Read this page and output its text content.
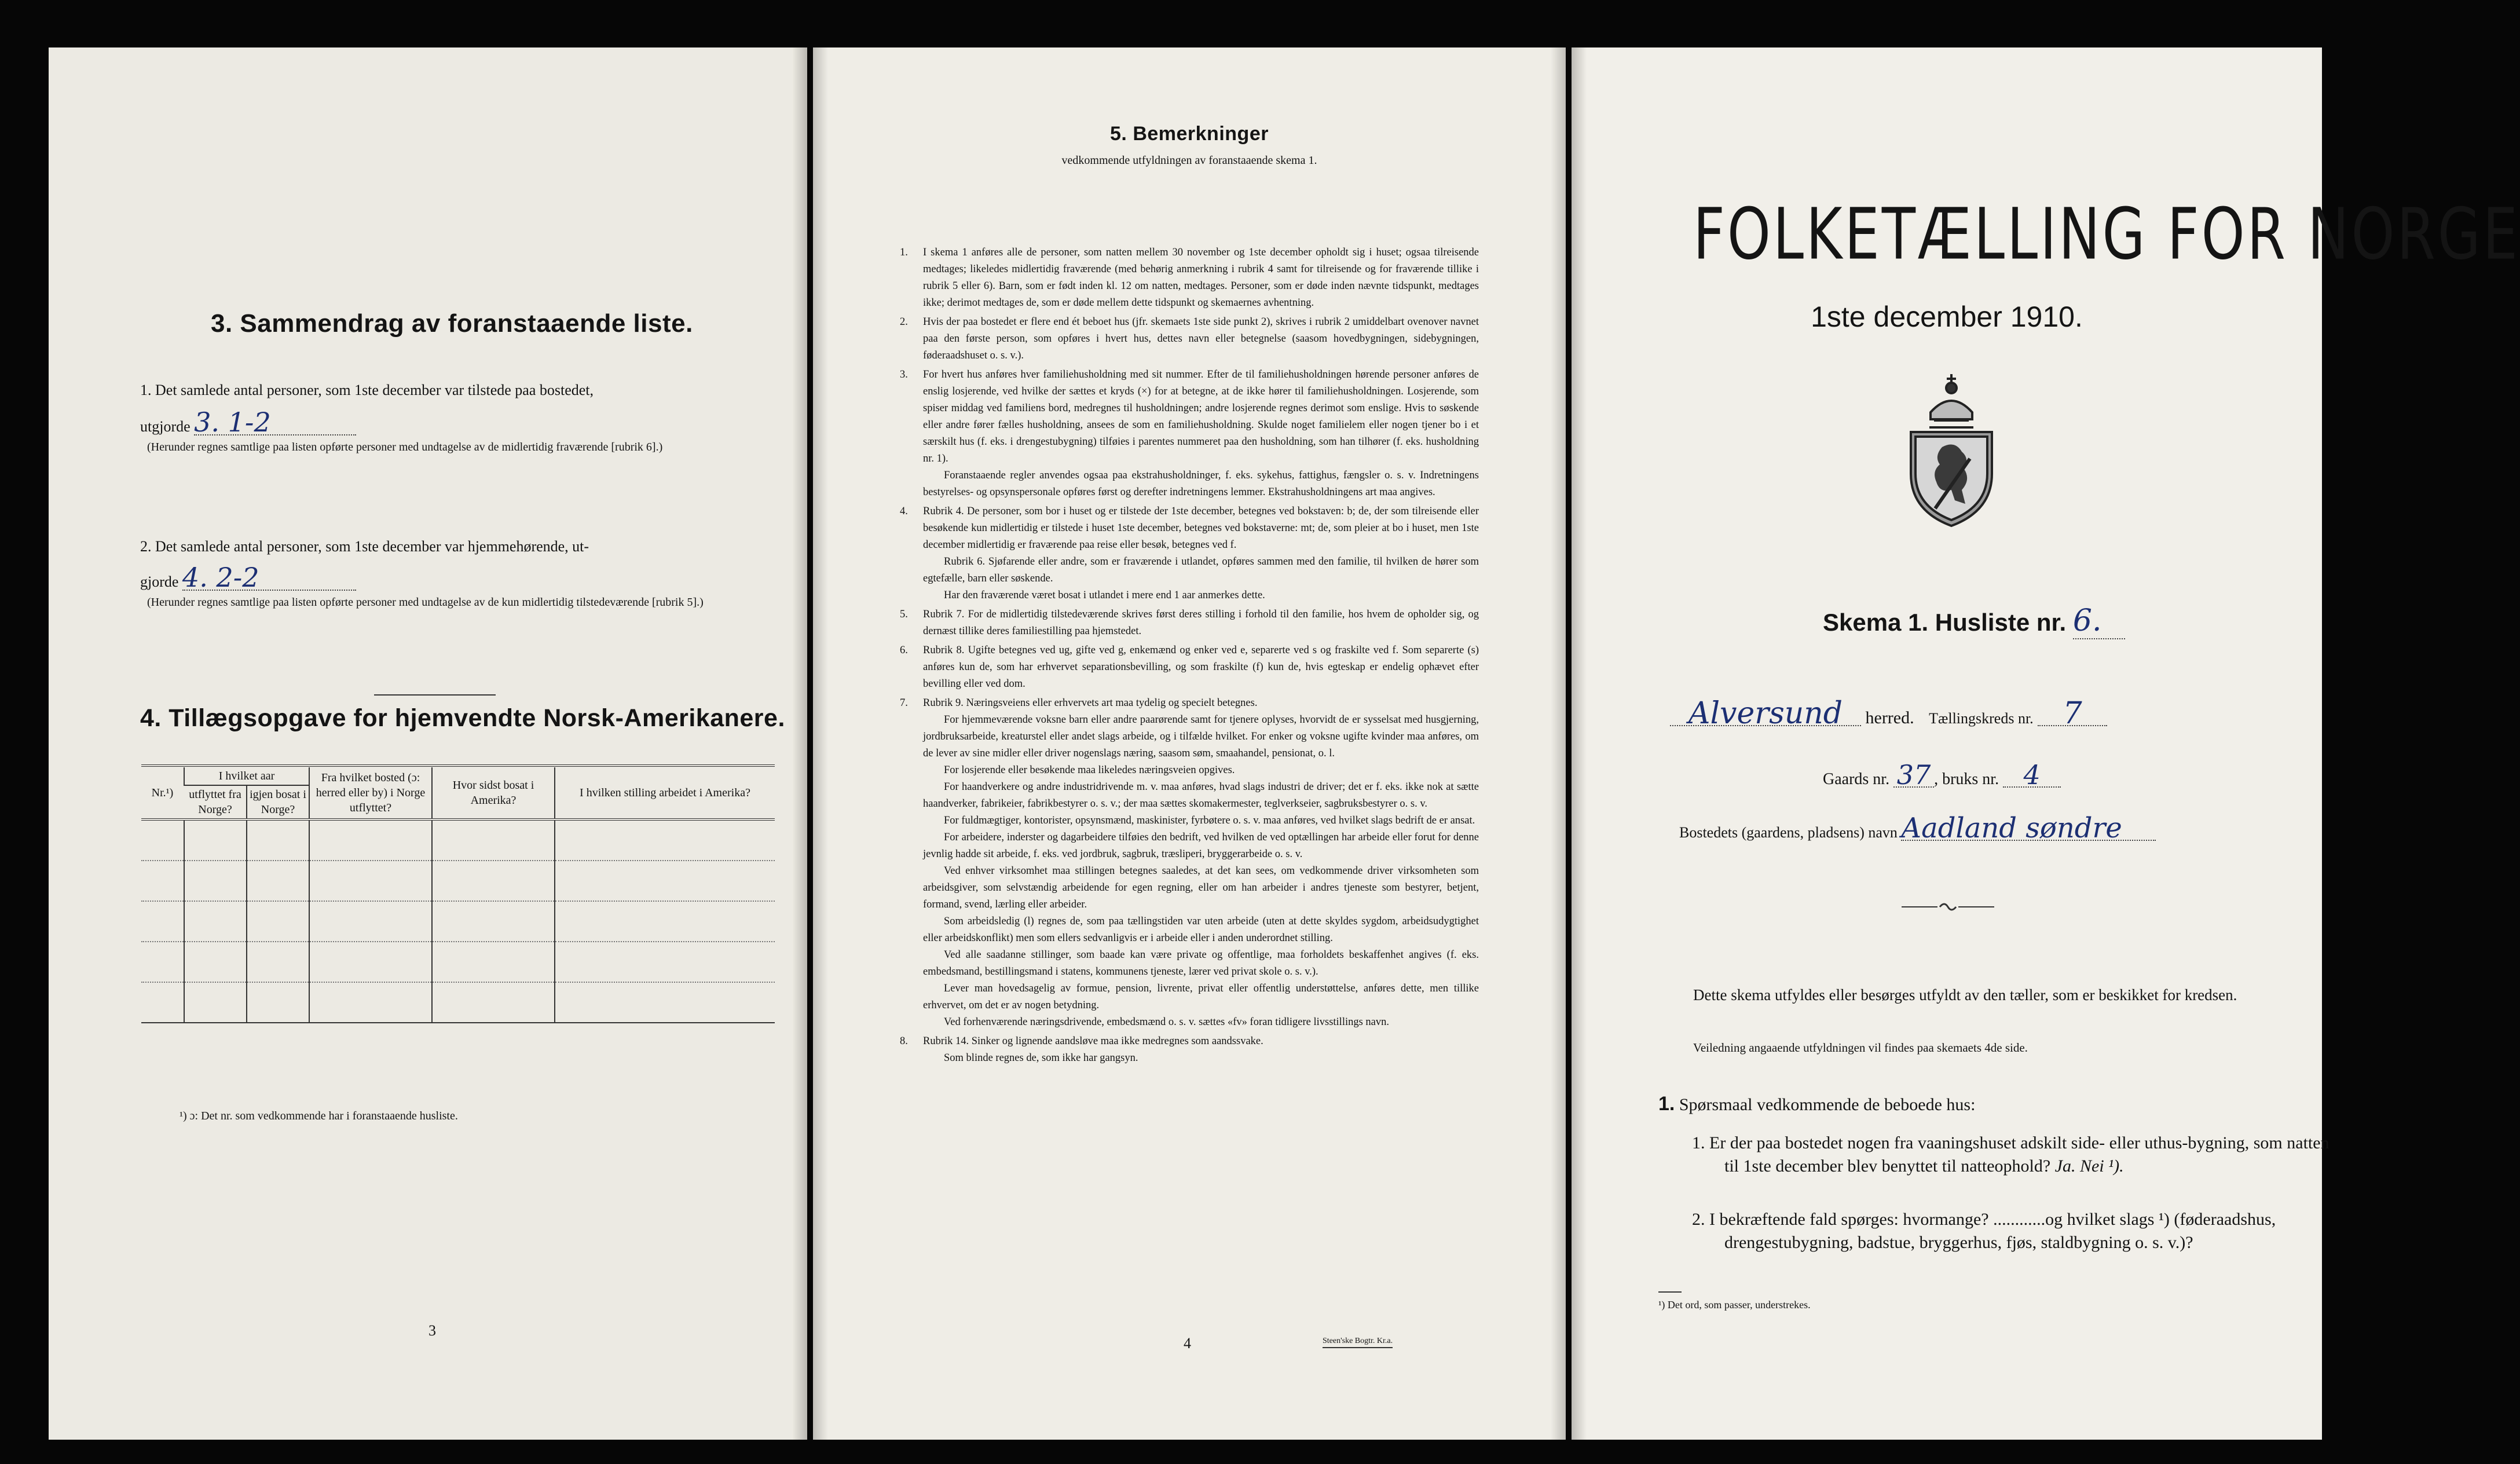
3. Sammendrag av foranstaaende liste.
1. Det samlede antal personer, som 1ste december var tilstede paa bostedet,
utgjorde 3. 1-2
(Herunder regnes samtlige paa listen opførte personer med undtagelse av de midlertidig fraværende [rubrik 6].)
2. Det samlede antal personer, som 1ste december var hjemmehørende, ut-
gjorde 4. 2-2
(Herunder regnes samtlige paa listen opførte personer med undtagelse av de kun midlertidig tilstedeværende [rubrik 5].)
4. Tillægsopgave for hjemvendte Norsk-Amerikanere.
Nr.¹)	I hvilket aar		Fra hvilket bosted (ɔ: herred eller by) i Norge utflyttet?	Hvor sidst bosat i Amerika?	I hvilken stilling arbeidet i Amerika?
	utflyttet fra Norge?	igjen bosat i Norge?			

¹) ɔ: Det nr. som vedkommende har i foranstaaende husliste.
3
5. Bemerkninger
vedkommende utfyldningen av foranstaaende skema 1.
1. I skema 1 anføres alle de personer, som natten mellem 30 november og 1ste december opholdt sig i huset; ogsaa tilreisende medtages; likeledes midlertidig fraværende (med behørig anmerkning i rubrik 4 samt for tilreisende og for fraværende tillike i rubrik 5 eller 6). Barn, som er født inden kl. 12 om natten, medtages. Personer, som er døde inden nævnte tidspunkt, medtages ikke; derimot medtages de, som er døde mellem dette tidspunkt og skemaernes avhentning.

2. Hvis der paa bostedet er flere end ét beboet hus (jfr. skemaets 1ste side punkt 2), skrives i rubrik 2 umiddelbart ovenover navnet paa den første person, som opføres i hvert hus, dettes navn eller betegnelse (saasom hovedbygningen, sidebygningen, føderaadshuset o. s. v.).

3. For hvert hus anføres hver familiehusholdning med sit nummer. Efter de til familiehusholdningen hørende personer anføres de enslig losjerende, ved hvilke der sættes et kryds (×) for at betegne, at de ikke hører til familiehusholdningen. Losjerende, som spiser middag ved familiens bord, medregnes til husholdningen; andre losjerende regnes derimot som enslige. Hvis to søskende eller andre fører fælles husholdning, ansees de som en familiehusholdning. Skulde noget familielem eller nogen tjener bo i et særskilt hus (f. eks. i drengestubygning) tilføies i parentes nummeret paa den husholdning, som han tilhører (f. eks. husholdning nr. 1).

Foranstaaende regler anvendes ogsaa paa ekstrahusholdninger, f. eks. sykehus, fattighus, fængsler o. s. v. Indretningens bestyrelses- og opsynspersonale opføres først og derefter indretningens lemmer. Ekstrahusholdningens art maa angives.

4. Rubrik 4. De personer, som bor i huset og er tilstede der 1ste december, betegnes ved bokstaven: b; de, der som tilreisende eller besøkende kun midlertidig er tilstede i huset 1ste december, betegnes ved bokstaverne: mt; de, som pleier at bo i huset, men 1ste december midlertidig er fraværende paa reise eller besøk, betegnes ved f.

Rubrik 6. Sjøfarende eller andre, som er fraværende i utlandet, opføres sammen med den familie, til hvilken de hører som egtefælle, barn eller søskende.

Har den fraværende været bosat i utlandet i mere end 1 aar anmerkes dette.

5. Rubrik 7. For de midlertidig tilstedeværende skrives først deres stilling i forhold til den familie, hos hvem de opholder sig, og dernæst tillike deres familiestilling paa hjemstedet.

6. Rubrik 8. Ugifte betegnes ved ug, gifte ved g, enkemænd og enker ved e, separerte ved s og fraskilte ved f. Som separerte (s) anføres kun de, som har erhvervet separationsbevilling, og som fraskilte (f) kun de, hvis egteskap er endelig ophævet efter bevilling eller ved dom.

7. Rubrik 9. Næringsveiens eller erhvervets art maa tydelig og specielt betegnes.

For hjemmeværende voksne barn eller andre paarørende samt for tjenere oplyses, hvorvidt de er sysselsat med husgjerning, jordbruksarbeide, kreaturstel eller andet slags arbeide, og i tilfælde hvilket. For enker og voksne ugifte kvinder maa anføres, om de lever av sine midler eller driver nogenslags næring, saasom søm, smaahandel, pensionat, o. l.

For losjerende eller besøkende maa likeledes næringsveien opgives.

For haandverkere og andre industridrivende m. v. maa anføres, hvad slags industri de driver; det er f. eks. ikke nok at sætte haandverker, fabrikeier, fabrikbestyrer o. s. v.; der maa sættes skomakermester, teglverkseier, sagbruksbestyrer o. s. v.

For fuldmægtiger, kontorister, opsynsmænd, maskinister, fyrbøtere o. s. v. maa anføres, ved hvilket slags bedrift de er ansat.

For arbeidere, inderster og dagarbeidere tilføies den bedrift, ved hvilken de ved optællingen har arbeide eller forut for denne jevnlig hadde sit arbeide, f. eks. ved jordbruk, sagbruk, træsliperi, bryggerarbeide o. s. v.

Ved enhver virksomhet maa stillingen betegnes saaledes, at det kan sees, om vedkommende driver virksomheten som arbeidsgiver, som selvstændig arbeidende for egen regning, eller om han arbeider i andres tjeneste som bestyrer, betjent, formand, svend, lærling eller arbeider.

Som arbeidsledig (l) regnes de, som paa tællingstiden var uten arbeide (uten at dette skyldes sygdom, arbeidsudygtighet eller arbeidskonflikt) men som ellers sedvanligvis er i arbeide eller i anden underordnet stilling.

Ved alle saadanne stillinger, som baade kan være private og offentlige, maa forholdets beskaffenhet angives (f. eks. embedsmand, bestillingsmand i statens, kommunens tjeneste, lærer ved privat skole o. s. v.).

Lever man hovedsagelig av formue, pension, livrente, privat eller offentlig understøttelse, anføres dette, men tillike erhvervet, om det er av nogen betydning.

Ved forhenværende næringsdrivende, embedsmænd o. s. v. sættes «fv» foran tidligere livsstillings navn.

8. Rubrik 14. Sinker og lignende aandsløve maa ikke medregnes som aandssvake.

Som blinde regnes de, som ikke har gangsyn.

4	Steen'ske Bogtr. Kr.a.
FOLKETÆLLING FOR NORGE
1ste december 1910.
Skema 1. Husliste nr. 6.
Alversund herred. Tællingskreds nr. 7
Gaards nr. 37 , bruks nr. 4
Bostedets (gaardens, pladsens) navn Aadland søndre
Dette skema utfyldes eller besørges utfyldt av den tæller, som er beskikket for kredsen.
Veiledning angaaende utfyldningen vil findes paa skemaets 4de side.
1. Spørsmaal vedkommende de beboede hus:
1. Er der paa bostedet nogen fra vaaningshuset adskilt side- eller uthus-bygning, som natten til 1ste december blev benyttet til natteophold? Ja. Nei ¹).
2. I bekræftende fald spørges: hvormange? ............og hvilket slags ¹) (føderaadshus, drengestubygning, badstue, bryggerhus, fjøs, staldbygning o. s. v.)?
¹) Det ord, som passer, understrekes.
